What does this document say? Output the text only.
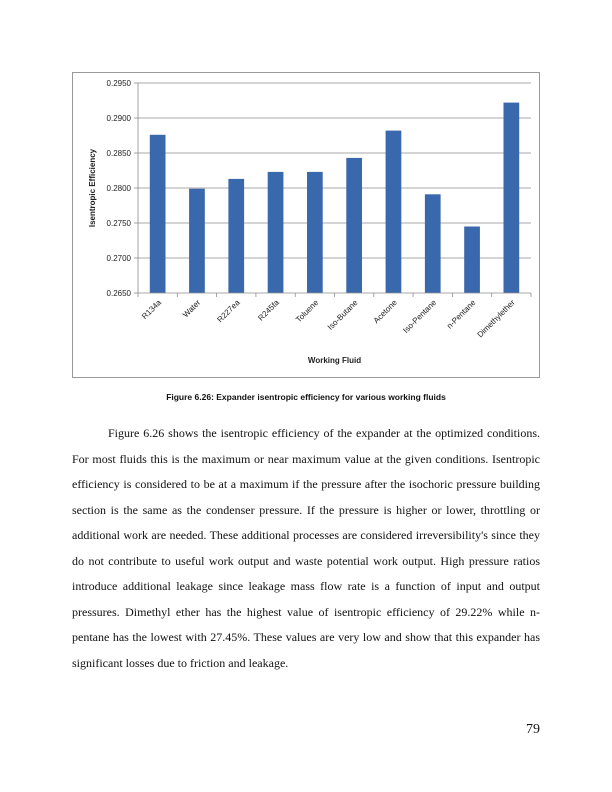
0.2650
0.2700
0.2750
0.2800
0.2850
0.2900
0.2950
R134a Water R227ea R245fa Toluene Iso-Butane Acetone Iso-Pentane n-Pentane
Dimethylether
Isentropic Efficiency
Working Fluid
Figure 6.26: Expander isentropic efficiency for various working fluids

Figure 6.26 shows the isentropic efficiency of the expander at the optimized conditions. For most fluids this is the maximum or near maximum value at the given conditions. Isentropic efficiency is considered to be at a maximum if the pressure after the isochoric pressure building section is the same as the condenser pressure. If the pressure is higher or lower, throttling or additional work are needed. These additional processes are considered irreversibility's since they do not contribute to useful work output and waste potential work output. High pressure ratios introduce additional leakage since leakage mass flow rate is a function of input and output pressures. Dimethyl ether has the highest value of isentropic efficiency of 29.22% while n-pentane has the lowest with 27.45%. These values are very low and show that this expander has significant losses due to friction and leakage.

79
